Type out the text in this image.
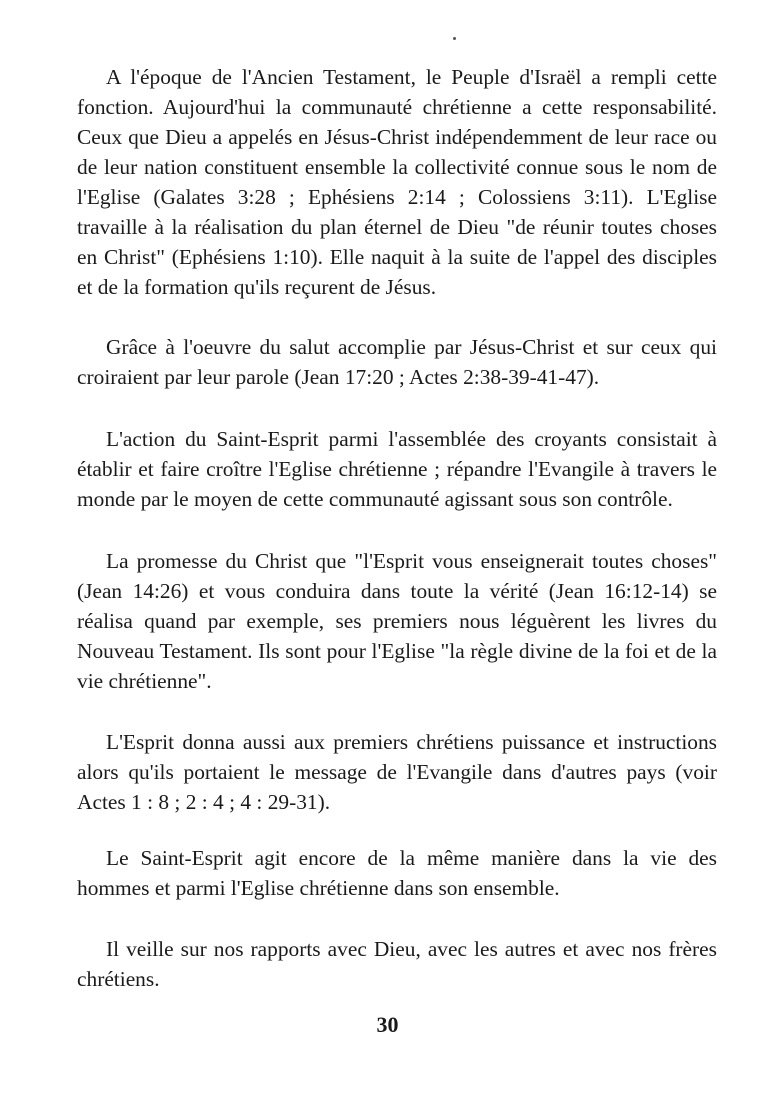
A l'époque de l'Ancien Testament, le Peuple d'Israël a rempli cette fonction. Aujourd'hui la communauté chrétienne a cette responsabilité. Ceux que Dieu a appelés en Jésus-Christ indépendemment de leur race ou de leur nation constituent ensemble la collectivité connue sous le nom de l'Eglise (Galates 3:28 ; Ephésiens 2:14 ; Colossiens 3:11). L'Eglise travaille à la réalisation du plan éternel de Dieu "de réunir toutes choses en Christ" (Ephésiens 1:10). Elle naquit à la suite de l'appel des disciples et de la formation qu'ils reçurent de Jésus.

Grâce à l'oeuvre du salut accomplie par Jésus-Christ et sur ceux qui croiraient par leur parole (Jean 17:20 ; Actes 2:38-39-41-47).

L'action du Saint-Esprit parmi l'assemblée des croyants consistait à établir et faire croître l'Eglise chrétienne ; répandre l'Evangile à travers le monde par le moyen de cette communauté agissant sous son contrôle.

La promesse du Christ que "l'Esprit vous enseignerait toutes choses" (Jean 14:26) et vous conduira dans toute la vérité (Jean 16:12-14) se réalisa quand par exemple, ses premiers nous léguèrent les livres du Nouveau Testament. Ils sont pour l'Eglise "la règle divine de la foi et de la vie chrétienne".

L'Esprit donna aussi aux premiers chrétiens puissance et instructions alors qu'ils portaient le message de l'Evangile dans d'autres pays (voir Actes 1 : 8 ; 2 : 4 ; 4 : 29-31).

Le Saint-Esprit agit encore de la même manière dans la vie des hommes et parmi l'Eglise chrétienne dans son ensemble.

Il veille sur nos rapports avec Dieu, avec les autres et avec nos frères chrétiens.

30
